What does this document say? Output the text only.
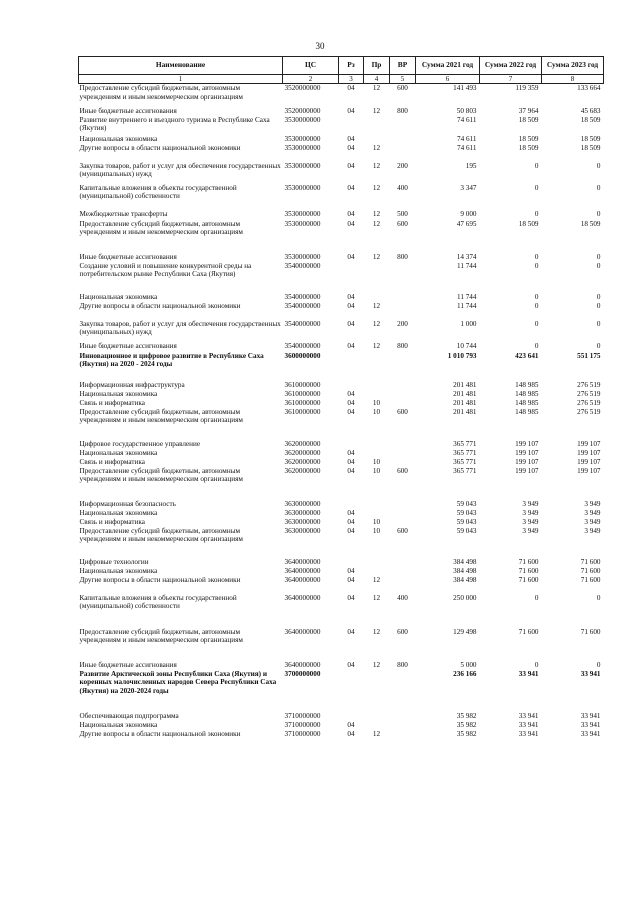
30
Наименование	ЦС	Рз	Пр	ВР	Сумма 2021 год	Сумма 2022 год	Сумма 2023 год
1	2	3	4	5	6	7	8
Предоставление субсидий бюджетным, автономным учреждениям и иным некоммерческим организациям	3520000000	04	12	600	141 493	119 359	133 664
Иные бюджетные ассигнования	3520000000	04	12	800	50 803	37 964	45 683
Развитие внутреннего и въездного туризма в Республике Саха (Якутия)	3530000000				74 611	18 509	18 509
Национальная экономика	3530000000	04			74 611	18 509	18 509
Другие вопросы в области национальной экономики	3530000000	04	12		74 611	18 509	18 509
Закупка товаров, работ и услуг для обеспечения государственных (муниципальных) нужд	3530000000	04	12	200	195	0	0
Капитальные вложения в объекты государственной (муниципальной) собственности	3530000000	04	12	400	3 347	0	0
Межбюджетные трансферты	3530000000	04	12	500	9 000	0	0
Предоставление субсидий бюджетным, автономным учреждениям и иным некоммерческим организациям	3530000000	04	12	600	47 695	18 509	18 509
Иные бюджетные ассигнования	3530000000	04	12	800	14 374	0	0
Создание условий и повышение конкурентной среды на потребительском рынке Республики Саха (Якутия)	3540000000				11 744	0	0
Национальная экономика	3540000000	04			11 744	0	0
Другие вопросы в области национальной экономики	3540000000	04	12		11 744	0	0
Закупка товаров, работ и услуг для обеспечения государственных (муниципальных) нужд	3540000000	04	12	200	1 000	0	0
Иные бюджетные ассигнования	3540000000	04	12	800	10 744	0	0
Инновационное и цифровое развитие в Республике Саха (Якутия) на 2020 - 2024 годы	3600000000				1 010 793	423 641	551 175
Информационная инфраструктура	3610000000				201 481	148 985	276 519
Национальная экономика	3610000000	04			201 481	148 985	276 519
Связь и информатика	3610000000	04	10		201 481	148 985	276 519
Предоставление субсидий бюджетным, автономным учреждениям и иным некоммерческим организациям	3610000000	04	10	600	201 481	148 985	276 519
Цифровое государственное управление	3620000000				365 771	199 107	199 107
Национальная экономика	3620000000	04			365 771	199 107	199 107
Связь и информатика	3620000000	04	10		365 771	199 107	199 107
Предоставление субсидий бюджетным, автономным учреждениям и иным некоммерческим организациям	3620000000	04	10	600	365 771	199 107	199 107
Информационная безопасность	3630000000				59 043	3 949	3 949
Национальная экономика	3630000000	04			59 043	3 949	3 949
Связь и информатика	3630000000	04	10		59 043	3 949	3 949
Предоставление субсидий бюджетным, автономным учреждениям и иным некоммерческим организациям	3630000000	04	10	600	59 043	3 949	3 949
Цифровые технологии	3640000000				384 498	71 600	71 600
Национальная экономика	3640000000	04			384 498	71 600	71 600
Другие вопросы в области национальной экономики	3640000000	04	12		384 498	71 600	71 600
Капитальные вложения в объекты государственной (муниципальной) собственности	3640000000	04	12	400	250 000	0	0
Предоставление субсидий бюджетным, автономным учреждениям и иным некоммерческим организациям	3640000000	04	12	600	129 498	71 600	71 600
Иные бюджетные ассигнования	3640000000	04	12	800	5 000	0	0
Развитие Арктической зоны Республики Саха (Якутия) и коренных малочисленных народов Севера Республики Саха (Якутия) на 2020-2024 годы	3700000000				236 166	33 941	33 941
Обеспечивающая подпрограмма	3710000000				35 982	33 941	33 941
Национальная экономика	3710000000	04			35 982	33 941	33 941
Другие вопросы в области национальной экономики	3710000000	04	12		35 982	33 941	33 941
